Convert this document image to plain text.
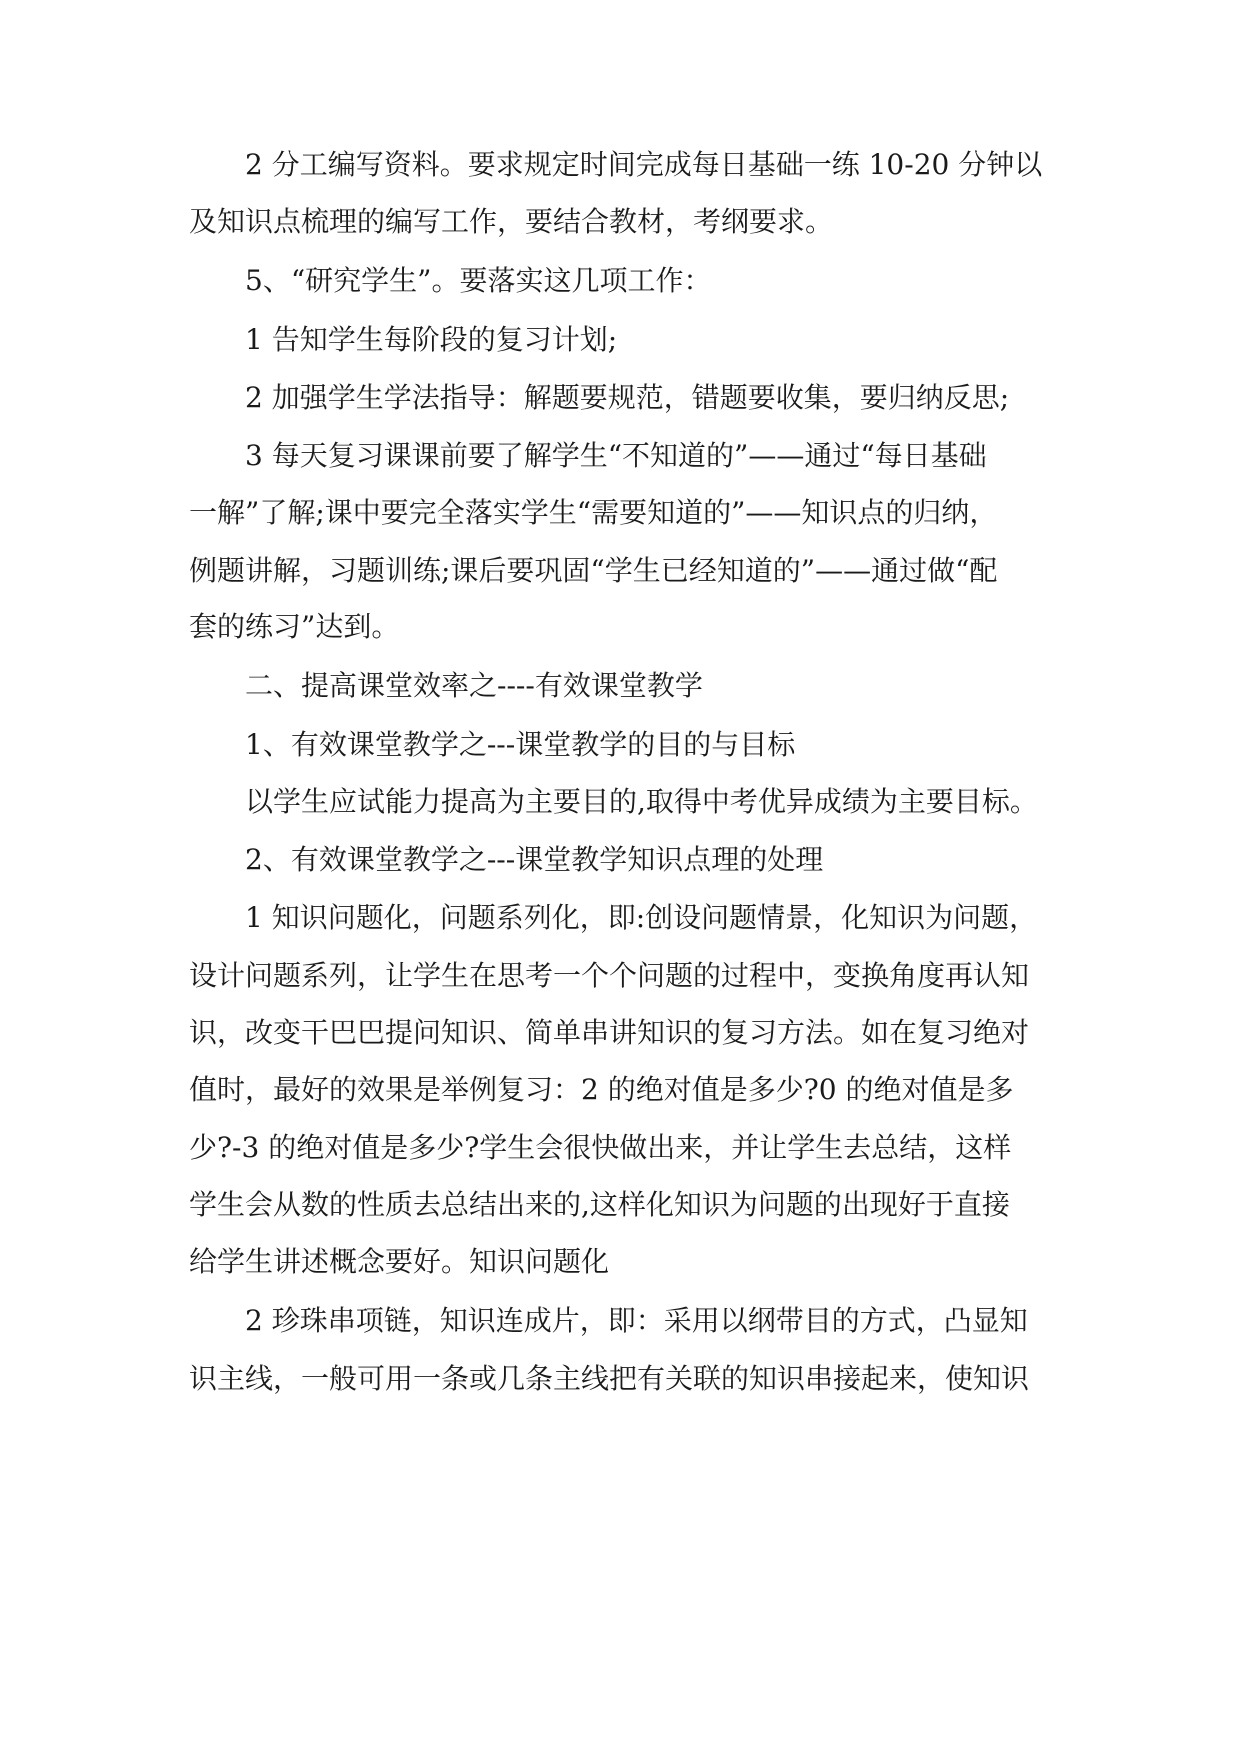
2 分工编写资料。要求规定时间完成每日基础一练 10-20 分钟以
及知识点梳理的编写工作，要结合教材，考纲要求。
5、“研究学生”。要落实这几项工作：
1 告知学生每阶段的复习计划;
2 加强学生学法指导：解题要规范，错题要收集，要归纳反思;
3 每天复习课课前要了解学生“不知道的”——通过“每日基础
一解”了解;课中要完全落实学生“需要知道的”——知识点的归纳，
例题讲解，习题训练;课后要巩固“学生已经知道的”——通过做“配
套的练习”达到。
二、提高课堂效率之----有效课堂教学
1、有效课堂教学之---课堂教学的目的与目标
以学生应试能力提高为主要目的,取得中考优异成绩为主要目标。
2、有效课堂教学之---课堂教学知识点理的处理
1 知识问题化，问题系列化，即:创设问题情景，化知识为问题，
设计问题系列，让学生在思考一个个问题的过程中，变换角度再认知
识，改变干巴巴提问知识、简单串讲知识的复习方法。如在复习绝对
值时，最好的效果是举例复习：2 的绝对值是多少?0 的绝对值是多
少?-3 的绝对值是多少?学生会很快做出来，并让学生去总结，这样
学生会从数的性质去总结出来的,这样化知识为问题的出现好于直接
给学生讲述概念要好。知识问题化
2 珍珠串项链，知识连成片，即：采用以纲带目的方式，凸显知
识主线，一般可用一条或几条主线把有关联的知识串接起来，使知识
